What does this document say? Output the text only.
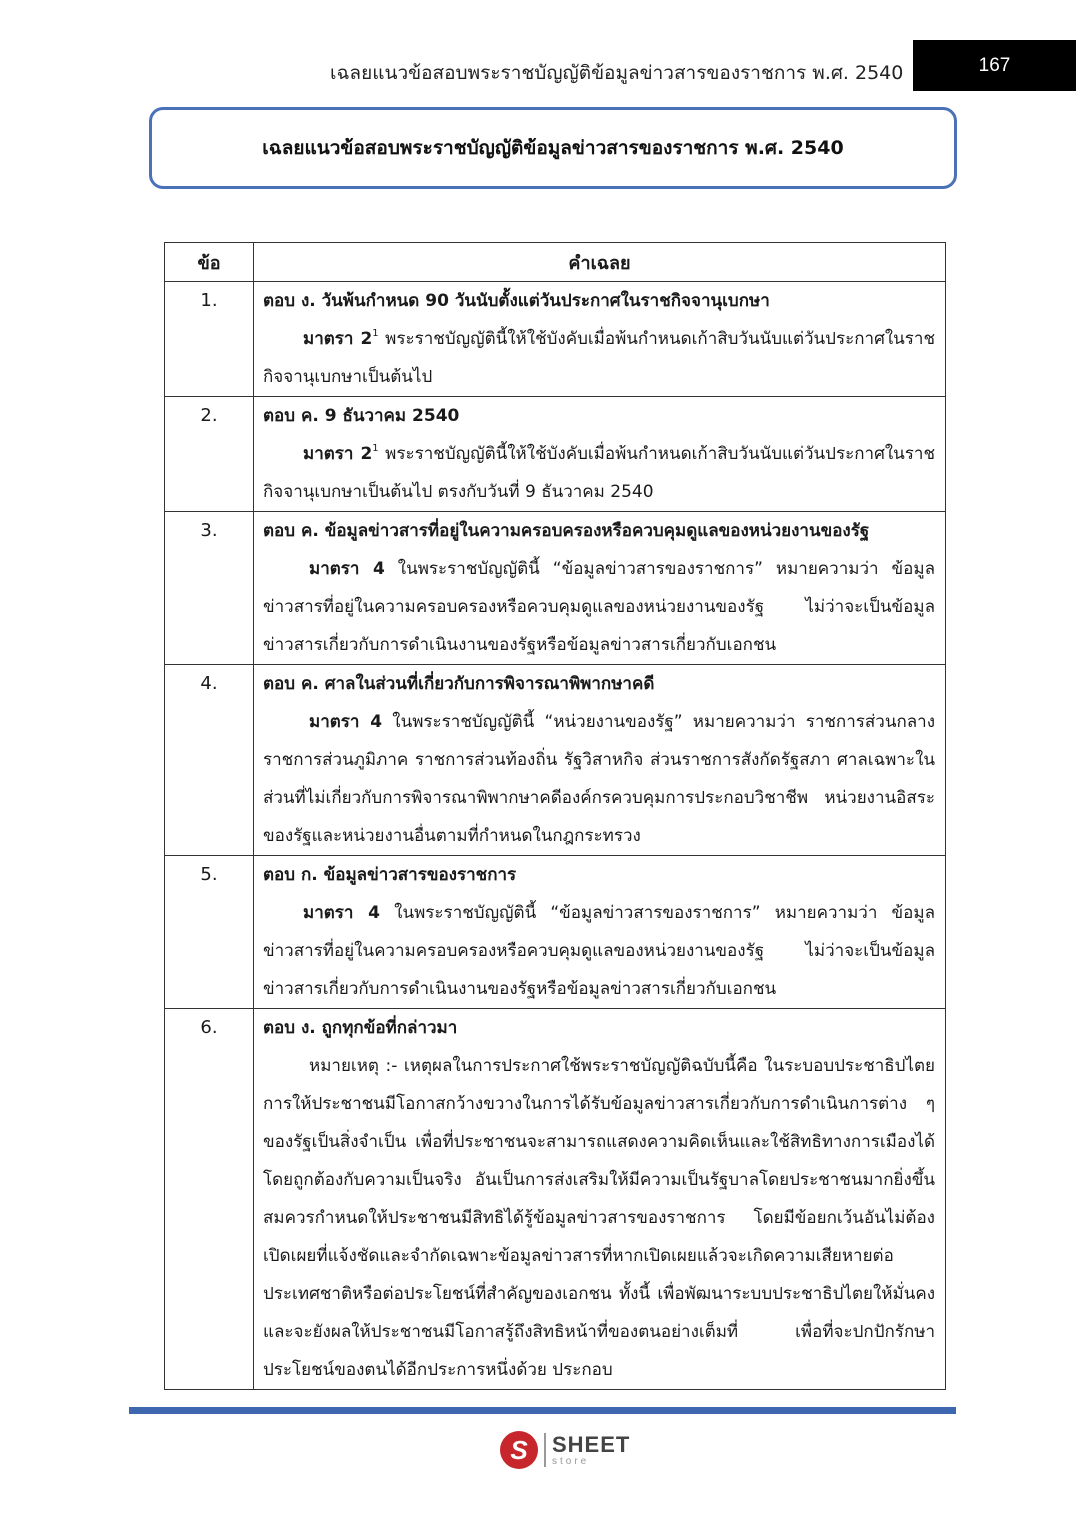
เฉลยแนวข้อสอบพระราชบัญญัติข้อมูลข่าวสารของราชการ พ.ศ. 2540	167
เฉลยแนวข้อสอบพระราชบัญญัติข้อมูลข่าวสารของราชการ พ.ศ. 2540
ข้อ	คำเฉลย
1.	ตอบ ง. วันพ้นกำหนด 90 วันนับตั้งแต่วันประกาศในราชกิจจานุเบกษา
มาตรา $2^1$ พระราชบัญญัตินี้ให้ใช้บังคับเมื่อพ้นกำหนดเก้าสิบวันนับแต่วันประกาศในราชกิจจานุเบกษาเป็นต้นไป

2.	ตอบ ค. 9 ธันวาคม 2540
มาตรา $2^1$ พระราชบัญญัตินี้ให้ใช้บังคับเมื่อพ้นกำหนดเก้าสิบวันนับแต่วันประกาศในราชกิจจานุเบกษาเป็นต้นไป ตรงกับวันที่ 9 ธันวาคม 2540

3.	ตอบ ค. ข้อมูลข่าวสารที่อยู่ในความครอบครองหรือควบคุมดูแลของหน่วยงานของรัฐ
มาตรา 4 ในพระราชบัญญัตินี้ “ข้อมูลข่าวสารของราชการ” หมายความว่า ข้อมูลข่าวสารที่อยู่ในความครอบครองหรือควบคุมดูแลของหน่วยงานของรัฐ ไม่ว่าจะเป็นข้อมูลข่าวสารเกี่ยวกับการดำเนินงานของรัฐหรือข้อมูลข่าวสารเกี่ยวกับเอกชน

4.	ตอบ ค. ศาลในส่วนที่เกี่ยวกับการพิจารณาพิพากษาคดี
มาตรา 4 ในพระราชบัญญัตินี้ “หน่วยงานของรัฐ” หมายความว่า ราชการส่วนกลาง ราชการส่วนภูมิภาค ราชการส่วนท้องถิ่น รัฐวิสาหกิจ ส่วนราชการสังกัดรัฐสภา ศาลเฉพาะในส่วนที่ไม่เกี่ยวกับการพิจารณาพิพากษาคดีองค์กรควบคุมการประกอบวิชาชีพ หน่วยงานอิสระของรัฐและหน่วยงานอื่นตามที่กำหนดในกฎกระทรวง

5.	ตอบ ก. ข้อมูลข่าวสารของราชการ
มาตรา 4 ในพระราชบัญญัตินี้ “ข้อมูลข่าวสารของราชการ” หมายความว่า ข้อมูลข่าวสารที่อยู่ในความครอบครองหรือควบคุมดูแลของหน่วยงานของรัฐ ไม่ว่าจะเป็นข้อมูลข่าวสารเกี่ยวกับการดำเนินงานของรัฐหรือข้อมูลข่าวสารเกี่ยวกับเอกชน

6.	ตอบ ง. ถูกทุกข้อที่กล่าวมา
หมายเหตุ :- เหตุผลในการประกาศใช้พระราชบัญญัติฉบับนี้คือ ในระบอบประชาธิปไตย การให้ประชาชนมีโอกาสกว้างขวางในการได้รับข้อมูลข่าวสารเกี่ยวกับการดำเนินการต่าง ๆ ของรัฐเป็นสิ่งจำเป็น เพื่อที่ประชาชนจะสามารถแสดงความคิดเห็นและใช้สิทธิทางการเมืองได้โดยถูกต้องกับความเป็นจริง อันเป็นการส่งเสริมให้มีความเป็นรัฐบาลโดยประชาชนมากยิ่งขึ้น สมควรกำหนดให้ประชาชนมีสิทธิได้รู้ข้อมูลข่าวสารของราชการ โดยมีข้อยกเว้นอันไม่ต้องเปิดเผยที่แจ้งชัดและจำกัดเฉพาะข้อมูลข่าวสารที่หากเปิดเผยแล้วจะเกิดความเสียหายต่อประเทศชาติหรือต่อประโยชน์ที่สำคัญของเอกชน ทั้งนี้ เพื่อพัฒนาระบบประชาธิปไตยให้มั่นคงและจะยังผลให้ประชาชนมีโอกาสรู้ถึงสิทธิหน้าที่ของตนอย่างเต็มที่ เพื่อที่จะปกปักรักษาประโยชน์ของตนได้อีกประการหนึ่งด้วย ประกอบ
S	SHEET
store
